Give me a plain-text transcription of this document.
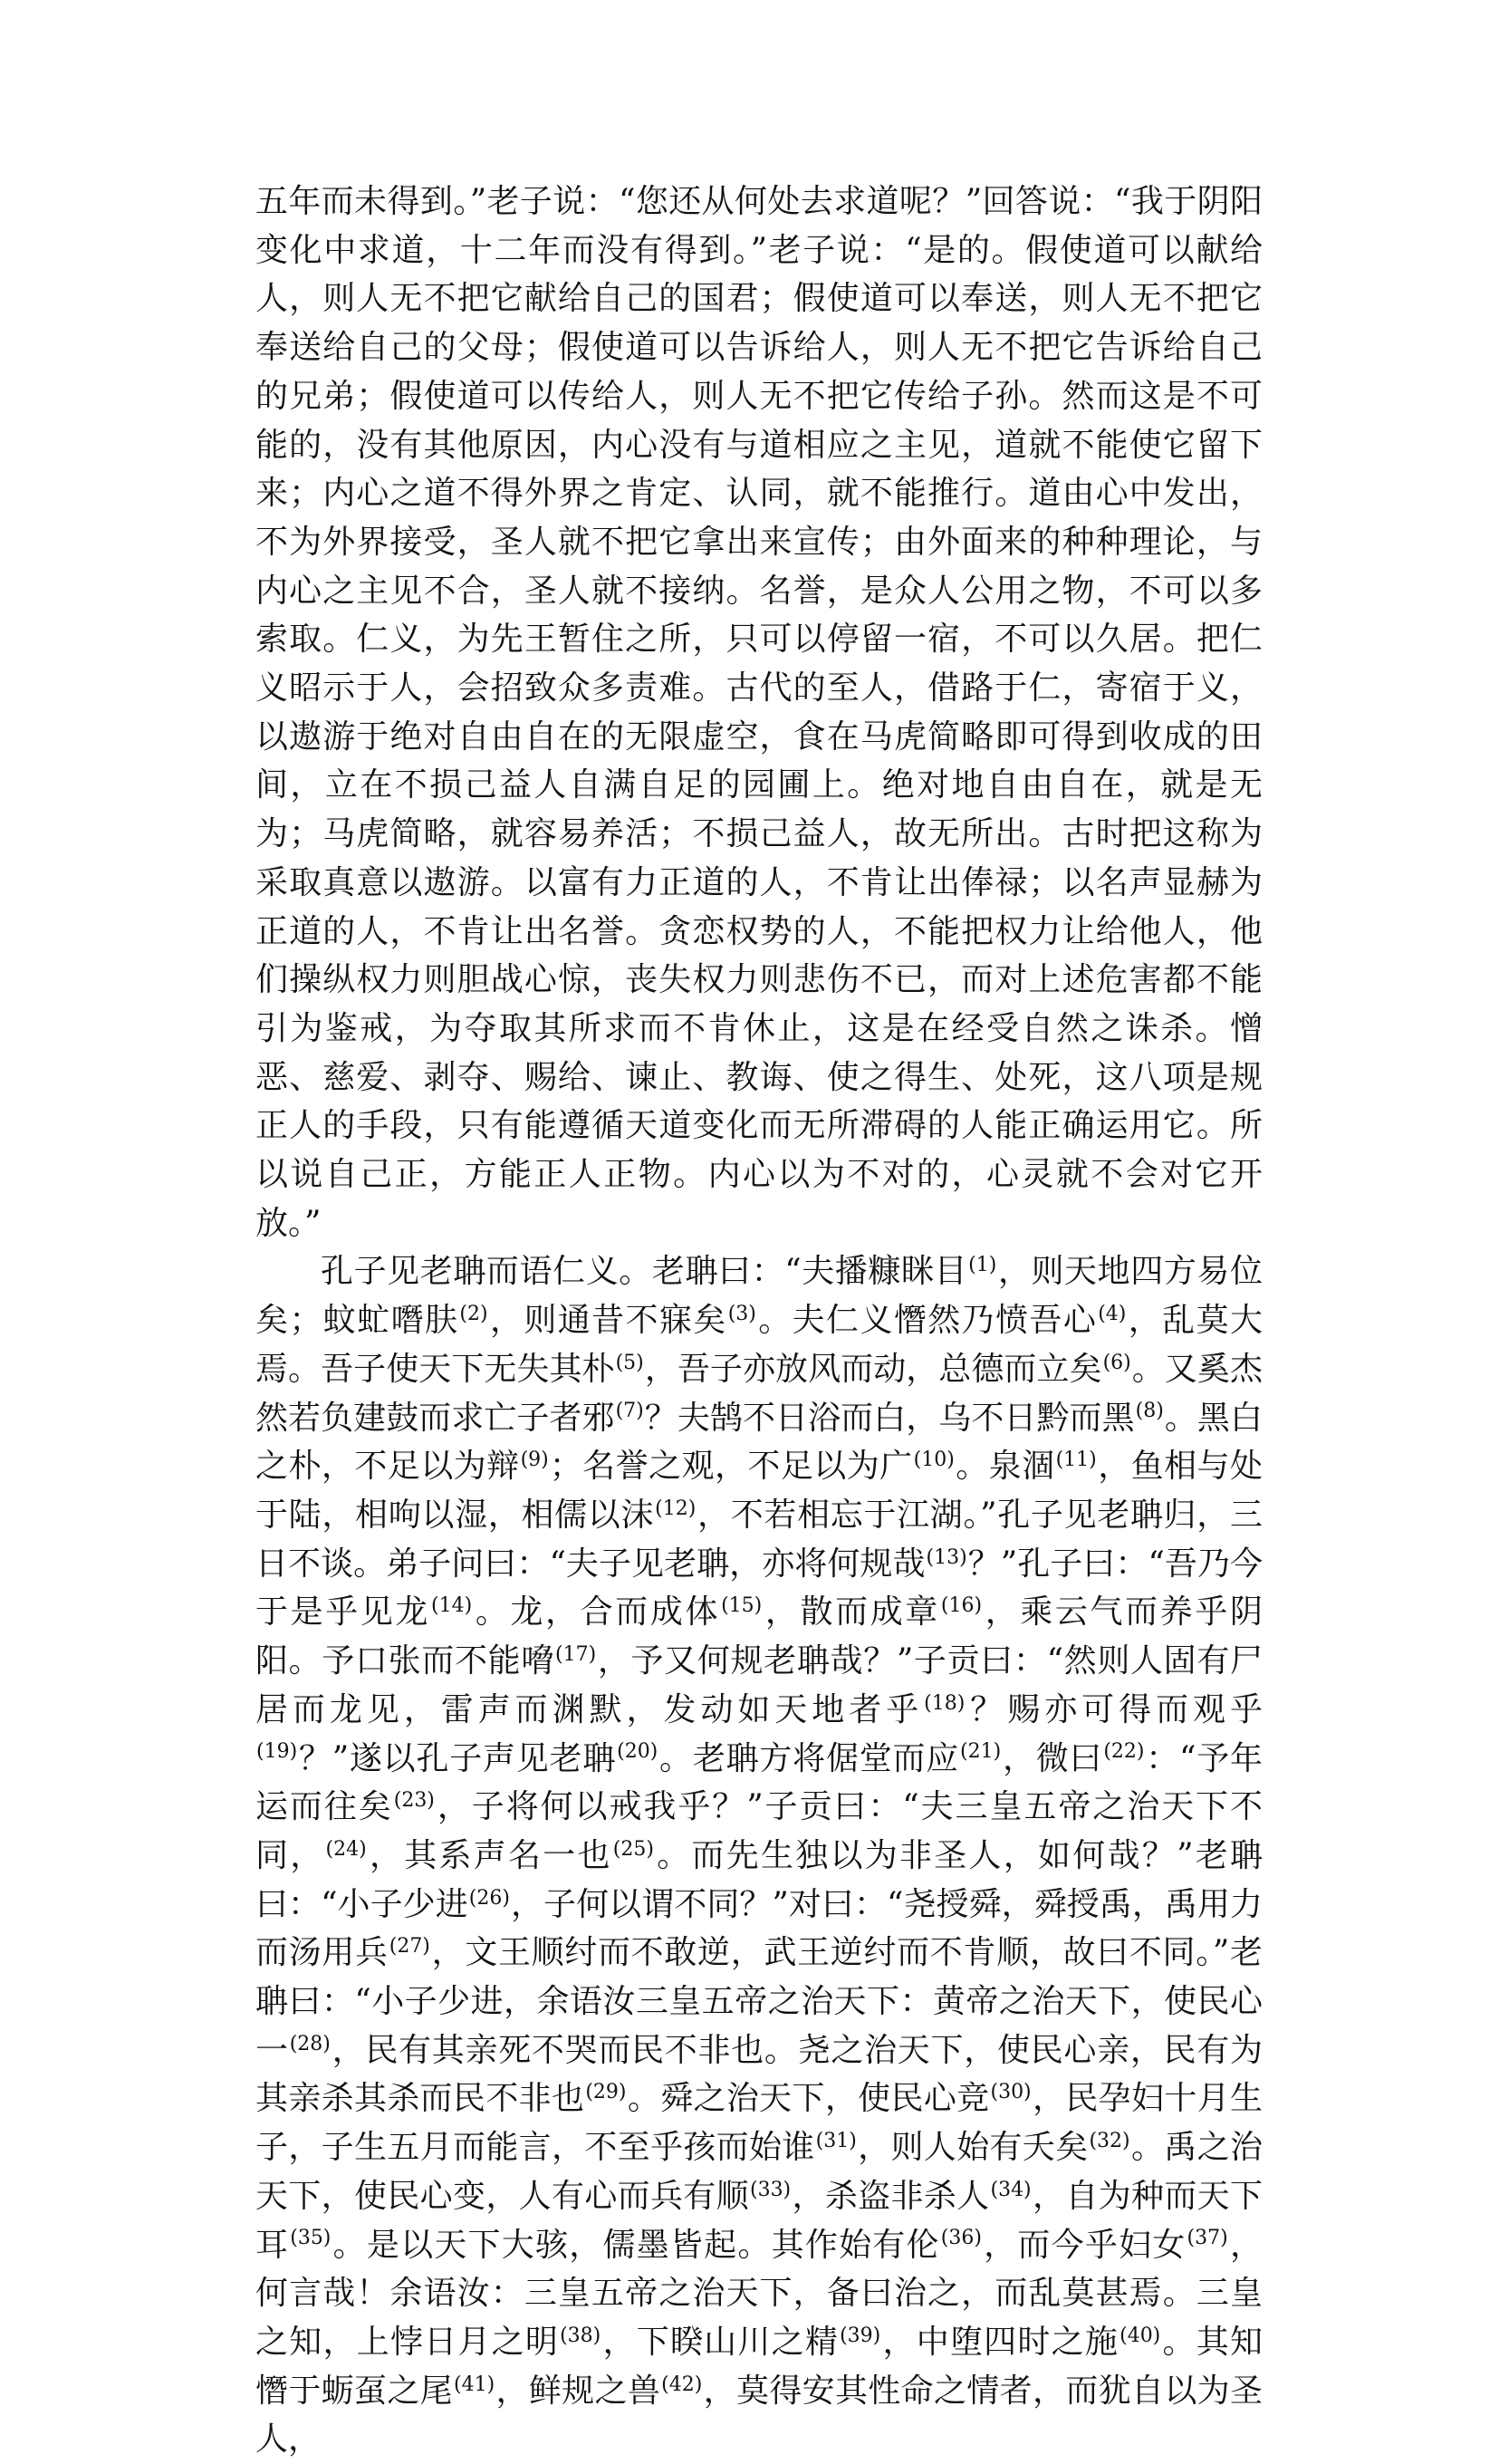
五年而未得到。”老子说：“您还从何处去求道呢？”回答说：“我于阴阳变化中求道，十二年而没有得到。”老子说：“是的。假使道可以献给人，则人无不把它献给自己的国君；假使道可以奉送，则人无不把它奉送给自己的父母；假使道可以告诉给人，则人无不把它告诉给自己的兄弟；假使道可以传给人，则人无不把它传给子孙。然而这是不可能的，没有其他原因，内心没有与道相应之主见，道就不能使它留下来；内心之道不得外界之肯定、认同，就不能推行。道由心中发出，不为外界接受，圣人就不把它拿出来宣传；由外面来的种种理论，与内心之主见不合，圣人就不接纳。名誉，是众人公用之物，不可以多索取。仁义，为先王暂住之所，只可以停留一宿，不可以久居。把仁义昭示于人，会招致众多责难。古代的至人，借路于仁，寄宿于义，以遨游于绝对自由自在的无限虚空，食在马虎简略即可得到收成的田间，立在不损己益人自满自足的园圃上。绝对地自由自在，就是无为；马虎简略，就容易养活；不损己益人，故无所出。古时把这称为采取真意以遨游。以富有力正道的人，不肯让出俸禄；以名声显赫为正道的人，不肯让出名誉。贪恋权势的人，不能把权力让给他人，他们操纵权力则胆战心惊，丧失权力则悲伤不已，而对上述危害都不能引为鉴戒，为夺取其所求而不肯休止，这是在经受自然之诛杀。憎恶、慈爱、剥夺、赐给、谏止、教诲、使之得生、处死，这八项是规正人的手段，只有能遵循天道变化而无所滞碍的人能正确运用它。所以说自己正，方能正人正物。内心以为不对的，心灵就不会对它开放。”

孔子见老聃而语仁义。老聃曰：“夫播糠眯目$^{(1)}$，则天地四方易位矣；蚊虻噆肤$^{(2)}$，则通昔不寐矣$^{(3)}$。夫仁义憯然乃愤吾心$^{(4)}$，乱莫大焉。吾子使天下无失其朴$^{(5)}$，吾子亦放风而动，总德而立矣$^{(6)}$。又奚杰然若负建鼓而求亡子者邪$^{(7)}$？夫鹄不日浴而白，乌不日黔而黑$^{(8)}$。黑白之朴，不足以为辩$^{(9)}$；名誉之观，不足以为广$^{(10)}$。泉涸$^{(11)}$，鱼相与处于陆，相呴以湿，相儒以沫$^{(12)}$，不若相忘于江湖。”孔子见老聃归，三日不谈。弟子问曰：“夫子见老聃，亦将何规哉$^{(13)}$？”孔子曰：“吾乃今于是乎见龙$^{(14)}$。龙，合而成体$^{(15)}$，散而成章$^{(16)}$，乘云气而养乎阴阳。予口张而不能嗋$^{(17)}$，予又何规老聃哉？”子贡曰：“然则人固有尸居而龙见，雷声而渊默，发动如天地者乎$^{(18)}$？赐亦可得而观乎$^{(19)}$？”遂以孔子声见老聃$^{(20)}$。老聃方将倨堂而应$^{(21)}$，微曰$^{(22)}$：“予年运而往矣$^{(23)}$，子将何以戒我乎？”子贡曰：“夫三皇五帝之治天下不同，$^{(24)}$，其系声名一也$^{(25)}$。而先生独以为非圣人，如何哉？”老聃曰：“小子少进$^{(26)}$，子何以谓不同？”对曰：“尧授舜，舜授禹，禹用力而汤用兵$^{(27)}$，文王顺纣而不敢逆，武王逆纣而不肯顺，故曰不同。”老聃曰：“小子少进，余语汝三皇五帝之治天下：黄帝之治天下，使民心一$^{(28)}$，民有其亲死不哭而民不非也。尧之治天下，使民心亲，民有为其亲杀其杀而民不非也$^{(29)}$。舜之治天下，使民心竞$^{(30)}$，民孕妇十月生子，子生五月而能言，不至乎孩而始谁$^{(31)}$，则人始有夭矣$^{(32)}$。禹之治天下，使民心变，人有心而兵有顺$^{(33)}$，杀盗非杀人$^{(34)}$，自为种而天下耳$^{(35)}$。是以天下大骇，儒墨皆起。其作始有伦$^{(36)}$，而今乎妇女$^{(37)}$，何言哉！余语汝：三皇五帝之治天下，备曰治之，而乱莫甚焉。三皇之知，上悖日月之明$^{(38)}$，下睽山川之精$^{(39)}$，中堕四时之施$^{(40)}$。其知憯于蛎虿之尾$^{(41)}$，鲜规之兽$^{(42)}$，莫得安其性命之情者，而犹自以为圣人，
